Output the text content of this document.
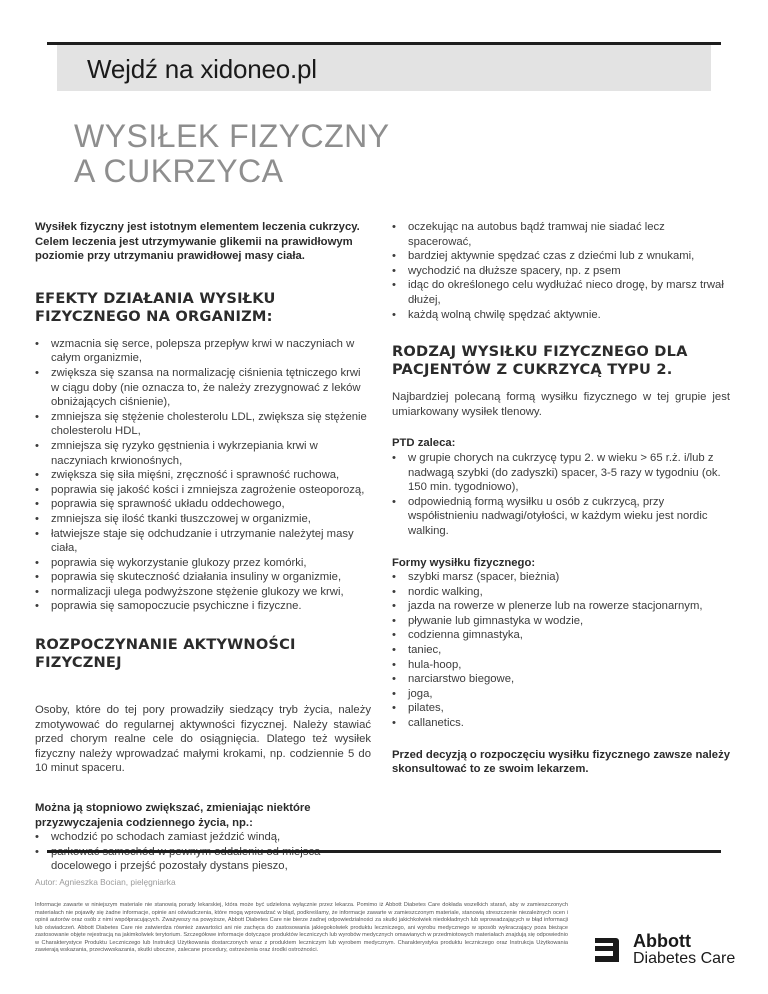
Wejdź na xidoneo.pl
WYSIŁEK FIZYCZNY
A CUKRZYCA

Wysiłek fizyczny jest istotnym elementem leczenia cukrzycy. Celem leczenia jest utrzymywanie glikemii na prawidłowym poziomie przy utrzymaniu prawidłowej masy ciała.

EFEKTY DZIAŁANIA WYSIŁKU FIZYCZNEGO NA ORGANIZM:
• wzmacnia się serce, polepsza przepływ krwi w naczyniach w całym organizmie,
• zwiększa się szansa na normalizację ciśnienia tętniczego krwi w ciągu doby (nie oznacza to, że należy zrezygnować z leków obniżających ciśnienie),
• zmniejsza się stężenie cholesterolu LDL, zwiększa się stężenie cholesterolu HDL,
• zmniejsza się ryzyko gęstnienia i wykrzepiania krwi w naczyniach krwionośnych,
• zwiększa się siła mięśni, zręczność i sprawność ruchowa,
• poprawia się jakość kości i zmniejsza zagrożenie osteoporozą,
• poprawia się sprawność układu oddechowego,
• zmniejsza się ilość tkanki tłuszczowej w organizmie,
• łatwiejsze staje się odchudzanie i utrzymanie należytej masy ciała,
• poprawia się wykorzystanie glukozy przez komórki,
• poprawia się skuteczność działania insuliny w organizmie,
• normalizacji ulega podwyższone stężenie glukozy we krwi,
• poprawia się samopoczucie psychiczne i fizyczne.
ROZPOCZYNANIE AKTYWNOŚCI FIZYCZNEJ

Osoby, które do tej pory prowadziły siedzący tryb życia, należy zmotywować do regularnej aktywności fizycznej. Należy stawiać przed chorym realne cele do osiągnięcia. Dlatego też wysiłek fizyczny należy wprowadzać małymi krokami, np. codziennie 5 do 10 minut spaceru.

Można ją stopniowo zwiększać, zmieniając niektóre przyzwyczajenia codziennego życia, np.:

• wchodzić po schodach zamiast jeździć windą,
• docelowego i przejść pozostały dystans pieszo,
• oczekując na autobus bądź tramwaj nie siadać lecz spacerować,
• bardziej aktywnie spędzać czas z dziećmi lub z wnukami,
• wychodzić na dłuższe spacery, np. z psem
• idąc do określonego celu wydłużać nieco drogę, by marsz trwał dłużej,
• każdą wolną chwilę spędzać aktywnie.
RODZAJ WYSIŁKU FIZYCZNEGO DLA PACJENTÓW Z CUKRZYCĄ TYPU 2.

Najbardziej polecaną formą wysiłku fizycznego w tej grupie jest umiarkowany wysiłek tlenowy.

PTD zaleca:

• w grupie chorych na cukrzycę typu 2. w wieku > 65 r.ż. i/lub z nadwagą szybki (do zadyszki) spacer, 3-5 razy w tygodniu (ok. 150 min. tygodniowo),
• odpowiednią formą wysiłku u osób z cukrzycą, przy współistnieniu nadwagi/otyłości, w każdym wieku jest nordic walking.

Formy wysiłku fizycznego:

• szybki marsz (spacer, bieżnia)
• nordic walking,
• jazda na rowerze w plenerze lub na rowerze stacjonarnym,
• pływanie lub gimnastyka w wodzie,
• codzienna gimnastyka,
• taniec,
• hula-hoop,
• narciarstwo biegowe,
• joga,
• pilates,
• callanetics.

Przed decyzją o rozpoczęciu wysiłku fizycznego zawsze należy skonsultować to ze swoim lekarzem.

Autor: Agnieszka Bocian, pielęgniarka

Informacje zawarte w niniejszym materiale nie stanowią porady lekarskiej, która może być udzielona wyłącznie przez lekarza. Pomimo iż Abbott Diabetes Care dokłada wszelkich starań, aby w zamieszczonych materiałach nie pojawiły się żadne informacje, opinie ani oświadczenia, które mogą wprowadzać w błąd, podkreślamy, że informacje zawarte w zamieszczonym materiale, stanowią streszczenie niezależnych ocen i opinii autorów oraz osób z nimi współpracujących. Zważywszy na powyższe, Abbott Diabetes Care nie bierze żadnej odpowiedzialności za skutki jakichkolwiek niedokładnych lub wprowadzających w błąd informacji lub oświadczeń. Abbott Diabetes Care nie zatwierdza również zawartości ani nie zachęca do zastosowania jakiegokolwiek produktu leczniczego, ani wyrobu medycznego w sposób wykraczający poza bieżące zastosowanie objęte rejestracją na jakimkolwiek terytorium. Szczegółowe informacje dotyczące produktów leczniczych lub wyrobów medycznych omawianych w przedmiotowych materiałach znajdują się odpowiednio w Charakterystyce Produktu Leczniczego lub Instrukcji Użytkowania dostarczonych wraz z produktem leczniczym lub wyrobem medycznym. Charakterystyka produktu leczniczego oraz Instrukcja Użytkowania zawierają wskazania, przeciwwskazania, skutki uboczne, zalecane procedury, ostrzeżenia oraz środki ostrożności.	Abbott
Diabetes Care
